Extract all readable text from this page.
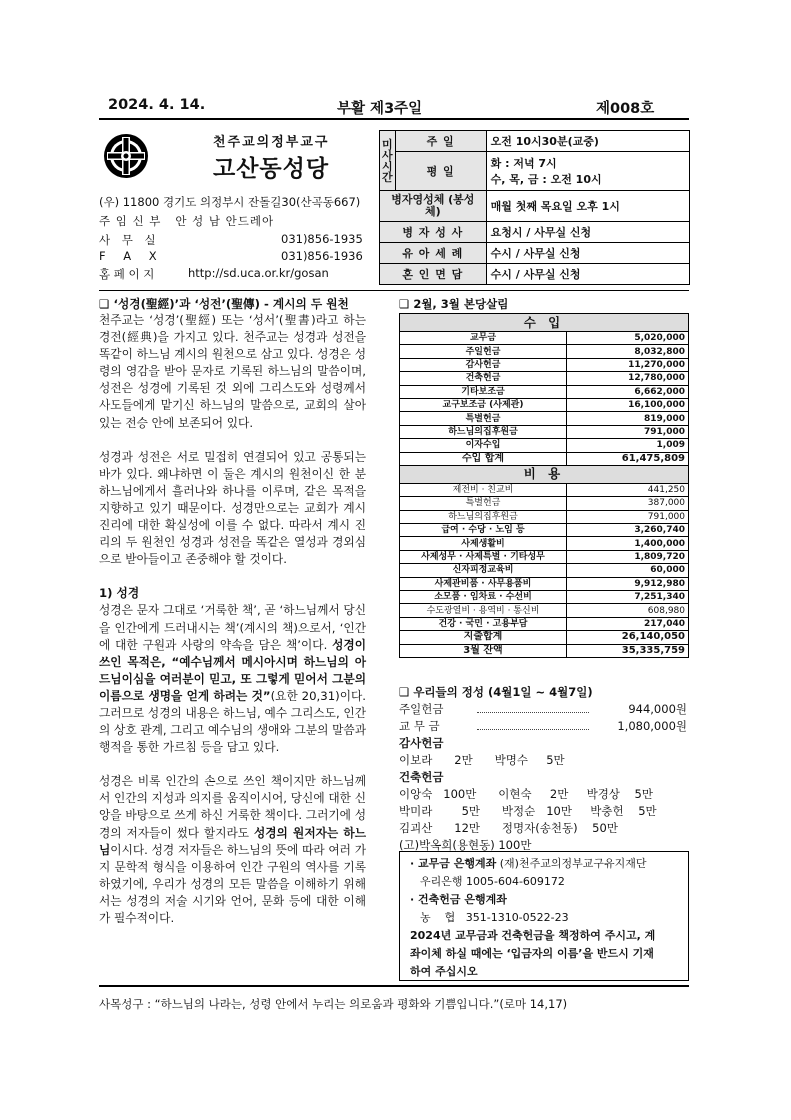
2024. 4. 14.	부활 제3주일	제008호
천주교의정부교구
고산동성당
(우) 11800 경기도 의정부시 잔돌길30(산곡동667)
주 임 신 부 안 성 남 안드레아
사 무 실	031)856-1935
F A X	031)856-1936
홈 페 이 지	http://sd.uca.or.kr/gosan
미
사
시
간	주 일	오전 10시30분(교중)
	평 일	화 : 저녁 7시
수, 목, 금 : 오전 10시

병자영성체 (봉성체)		매월 첫째 목요일 오후 1시
병 자 성 사		요청시 / 사무실 신청
유 아 세 례		수시 / 사무실 신청
혼 인 면 담		수시 / 사무실 신청
❑ ‘성경(聖經)’과 ‘성전’(聖傳) - 계시의 두 원천

천주교는 ‘성경’(聖經) 또는 ‘성서’(聖書)라고 하는 경전(經典)을 가지고 있다. 천주교는 성경과 성전을 똑같이 하느님 계시의 원천으로 삼고 있다. 성경은 성령의 영감을 받아 문자로 기록된 하느님의 말씀이며, 성전은 성경에 기록된 것 외에 그리스도와 성령께서 사도들에게 맡기신 하느님의 말씀으로, 교회의 살아 있는 전승 안에 보존되어 있다.

성경과 성전은 서로 밀접히 연결되어 있고 공통되는 바가 있다. 왜냐하면 이 둘은 계시의 원천이신 한 분 하느님에게서 흘러나와 하나를 이루며, 같은 목적을 지향하고 있기 때문이다. 성경만으로는 교회가 계시 진리에 대한 확실성에 이를 수 없다. 따라서 계시 진리의 두 원천인 성경과 성전을 똑같은 열성과 경외심으로 받아들이고 존중해야 할 것이다.

1) 성경

성경은 문자 그대로 ‘거룩한 책’, 곧 ‘하느님께서 당신을 인간에게 드러내시는 책’(계시의 책)으로서, ‘인간에 대한 구원과 사랑의 약속을 담은 책’이다. 성경이 쓰인 목적은, “예수님께서 메시아시며 하느님의 아드님이심을 여러분이 믿고, 또 그렇게 믿어서 그분의 이름으로 생명을 얻게 하려는 것”(요한 20,31)이다. 그러므로 성경의 내용은 하느님, 예수 그리스도, 인간의 상호 관계, 그리고 예수님의 생애와 그분의 말씀과 행적을 통한 가르침 등을 담고 있다.

성경은 비록 인간의 손으로 쓰인 책이지만 하느님께서 인간의 지성과 의지를 움직이시어, 당신에 대한 신앙을 바탕으로 쓰게 하신 거룩한 책이다. 그러기에 성경의 저자들이 썼다 할지라도 성경의 원저자는 하느님이시다. 성경 저자들은 하느님의 뜻에 따라 여러 가지 문학적 형식을 이용하여 인간 구원의 역사를 기록하였기에, 우리가 성경의 모든 말씀을 이해하기 위해서는 성경의 저술 시기와 언어, 문화 등에 대한 이해가 필수적이다.

❑ 2월, 3월 본당살림
수 입	
교무금	5,020,000
주일헌금	8,032,800
감사헌금	11,270,000
건축헌금	12,780,000
기타보조금	6,662,000
교구보조금 (사제관)	16,100,000
특별헌금	819,000
하느님의집후원금	791,000
이자수입	1,009
수입 합계	61,475,809
비 용	
제전비 · 친교비	441,250
특별헌금	387,000
하느님의집후원금	791,000
급여 · 수당 · 노임 등	3,260,740
사제생활비	1,400,000
사제성무 · 사제특별 · 기타성무	1,809,720
신자피정교육비	60,000
사제관비품 · 사무용품비	9,912,980
소모품 · 임차료 · 수선비	7,251,340
수도광열비 · 용역비 · 통신비	608,980
건강 · 국민 · 고용부담	217,040
지출합계	26,140,050
3월 잔액	35,335,759
❑ 우리들의 정성 (4월1일 ~ 4월7일)
주일헌금	944,000원
교 무 금	1,080,000원
감사헌금
이보라      2만      박명수     5만
건축헌금
이앙숙   100만      이현숙     2만     박경상    5만
박미라        5만      박정순   10만     박충헌    5만
김괴산      12만      정명자(송천동)    50만
(고)박옥희(용현동) 100만
· 교무금 은행계좌 (재)천주교의정부교구유지재단
우리은행 1005-604-609172
· 건축헌금 은행계좌
농    협   351-1310-0522-23
2024년 교무금과 건축헌금을 책정하여 주시고, 계
좌이체 하실 때에는 ‘입금자의 이름’을 반드시 기재
하여 주십시오
사목성구 : “하느님의 나라는, 성령 안에서 누리는 의로움과 평화와 기쁨입니다.”(로마 14,17)
